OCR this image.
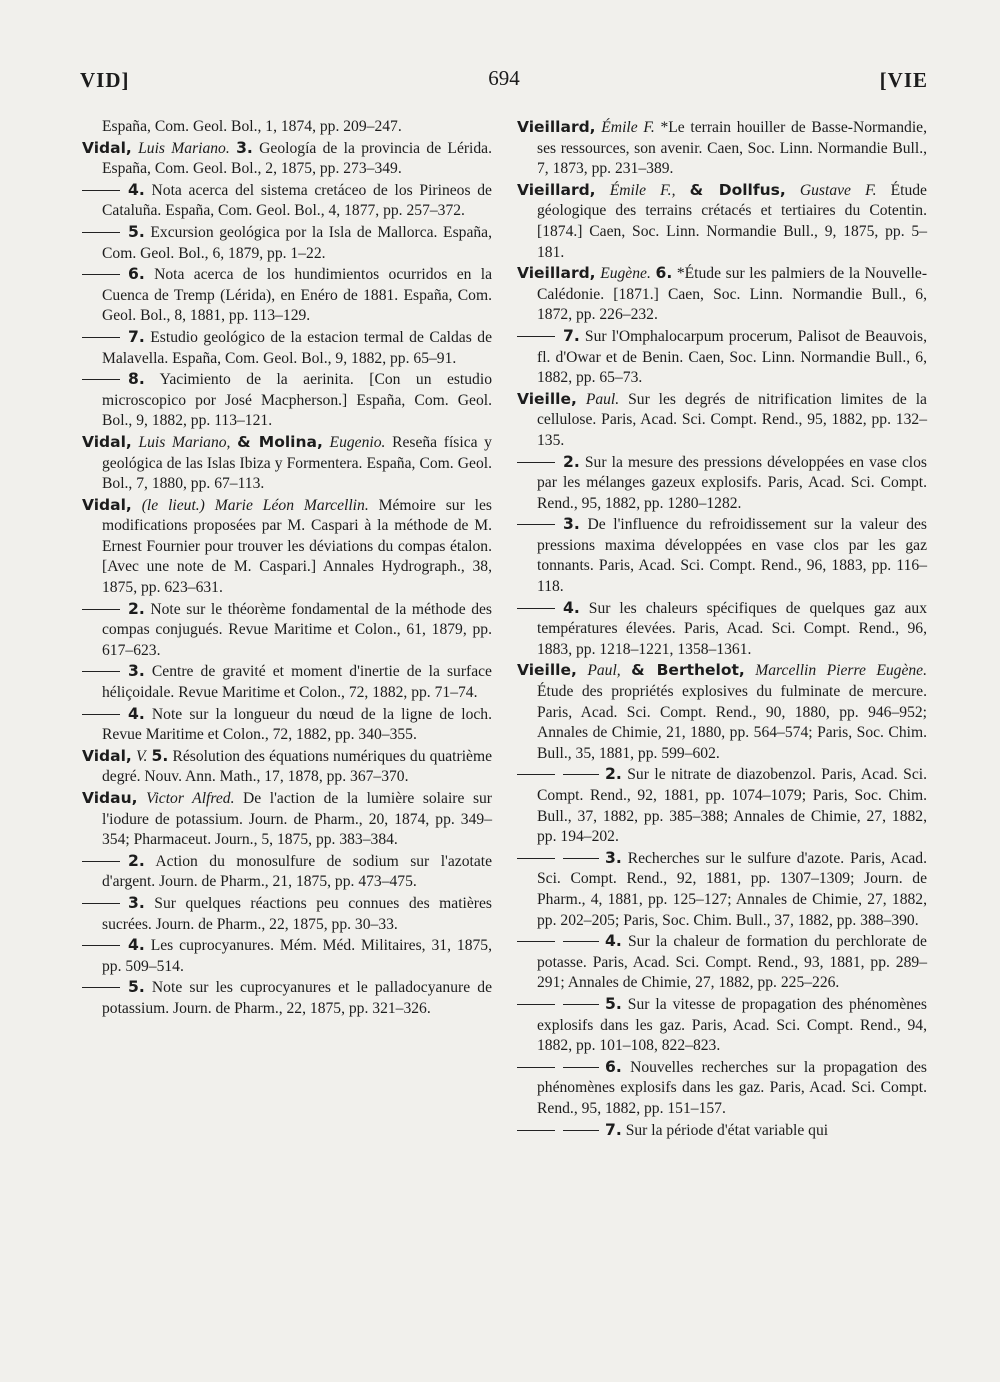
VID]	694	[VIE

España, Com. Geol. Bol., 1, 1874, pp. 209–247.

Vidal, Luis Mariano. 3. Geología de la provincia de Lérida. España, Com. Geol. Bol., 2, 1875, pp. 273–349.

4. Nota acerca del sistema cretáceo de los Pirineos de Cataluña. España, Com. Geol. Bol., 4, 1877, pp. 257–372.

5. Excursion geológica por la Isla de Mallorca. España, Com. Geol. Bol., 6, 1879, pp. 1–22.

6. Nota acerca de los hundimientos ocurridos en la Cuenca de Tremp (Lérida), en Enéro de 1881. España, Com. Geol. Bol., 8, 1881, pp. 113–129.

7. Estudio geológico de la estacion termal de Caldas de Malavella. España, Com. Geol. Bol., 9, 1882, pp. 65–91.

8. Yacimiento de la aerinita. [Con un estudio microscopico por José Macpherson.] España, Com. Geol. Bol., 9, 1882, pp. 113–121.

Vidal, Luis Mariano, & Molina, Eugenio. Reseña física y geológica de las Islas Ibiza y Formentera. España, Com. Geol. Bol., 7, 1880, pp. 67–113.

Vidal, (le lieut.) Marie Léon Marcellin. Mémoire sur les modifications proposées par M. Caspari à la méthode de M. Ernest Fournier pour trouver les déviations du compas étalon. [Avec une note de M. Caspari.] Annales Hydrograph., 38, 1875, pp. 623–631.

2. Note sur le théorème fondamental de la méthode des compas conjugués. Revue Maritime et Colon., 61, 1879, pp. 617–623.

3. Centre de gravité et moment d'inertie de la surface héliçoidale. Revue Maritime et Colon., 72, 1882, pp. 71–74.

4. Note sur la longueur du nœud de la ligne de loch. Revue Maritime et Colon., 72, 1882, pp. 340–355.

Vidal, V. 5. Résolution des équations numériques du quatrième degré. Nouv. Ann. Math., 17, 1878, pp. 367–370.

Vidau, Victor Alfred. De l'action de la lumière solaire sur l'iodure de potassium. Journ. de Pharm., 20, 1874, pp. 349–354; Pharmaceut. Journ., 5, 1875, pp. 383–384.

2. Action du monosulfure de sodium sur l'azotate d'argent. Journ. de Pharm., 21, 1875, pp. 473–475.

3. Sur quelques réactions peu connues des matières sucrées. Journ. de Pharm., 22, 1875, pp. 30–33.

4. Les cuprocyanures. Mém. Méd. Militaires, 31, 1875, pp. 509–514.

5. Note sur les cuprocyanures et le palladocyanure de potassium. Journ. de Pharm., 22, 1875, pp. 321–326.

Vieillard, Émile F. *Le terrain houiller de Basse-Normandie, ses ressources, son avenir. Caen, Soc. Linn. Normandie Bull., 7, 1873, pp. 231–389.

Vieillard, Émile F., & Dollfus, Gustave F. Étude géologique des terrains crétacés et tertiaires du Cotentin. [1874.] Caen, Soc. Linn. Normandie Bull., 9, 1875, pp. 5–181.

Vieillard, Eugène. 6. *Étude sur les palmiers de la Nouvelle-Calédonie. [1871.] Caen, Soc. Linn. Normandie Bull., 6, 1872, pp. 226–232.

7. Sur l'Omphalocarpum procerum, Palisot de Beauvois, fl. d'Owar et de Benin. Caen, Soc. Linn. Normandie Bull., 6, 1882, pp. 65–73.

Vieille, Paul. Sur les degrés de nitrification limites de la cellulose. Paris, Acad. Sci. Compt. Rend., 95, 1882, pp. 132–135.

2. Sur la mesure des pressions développées en vase clos par les mélanges gazeux explosifs. Paris, Acad. Sci. Compt. Rend., 95, 1882, pp. 1280–1282.

3. De l'influence du refroidissement sur la valeur des pressions maxima développées en vase clos par les gaz tonnants. Paris, Acad. Sci. Compt. Rend., 96, 1883, pp. 116–118.

4. Sur les chaleurs spécifiques de quelques gaz aux températures élevées. Paris, Acad. Sci. Compt. Rend., 96, 1883, pp. 1218–1221, 1358–1361.

Vieille, Paul, & Berthelot, Marcellin Pierre Eugène. Étude des propriétés explosives du fulminate de mercure. Paris, Acad. Sci. Compt. Rend., 90, 1880, pp. 946–952; Annales de Chimie, 21, 1880, pp. 564–574; Paris, Soc. Chim. Bull., 35, 1881, pp. 599–602.

2. Sur le nitrate de diazobenzol. Paris, Acad. Sci. Compt. Rend., 92, 1881, pp. 1074–1079; Paris, Soc. Chim. Bull., 37, 1882, pp. 385–388; Annales de Chimie, 27, 1882, pp. 194–202.

3. Recherches sur le sulfure d'azote. Paris, Acad. Sci. Compt. Rend., 92, 1881, pp. 1307–1309; Journ. de Pharm., 4, 1881, pp. 125–127; Annales de Chimie, 27, 1882, pp. 202–205; Paris, Soc. Chim. Bull., 37, 1882, pp. 388–390.

4. Sur la chaleur de formation du perchlorate de potasse. Paris, Acad. Sci. Compt. Rend., 93, 1881, pp. 289–291; Annales de Chimie, 27, 1882, pp. 225–226.

5. Sur la vitesse de propagation des phénomènes explosifs dans les gaz. Paris, Acad. Sci. Compt. Rend., 94, 1882, pp. 101–108, 822–823.

6. Nouvelles recherches sur la propagation des phénomènes explosifs dans les gaz. Paris, Acad. Sci. Compt. Rend., 95, 1882, pp. 151–157.

7. Sur la période d'état variable qui
